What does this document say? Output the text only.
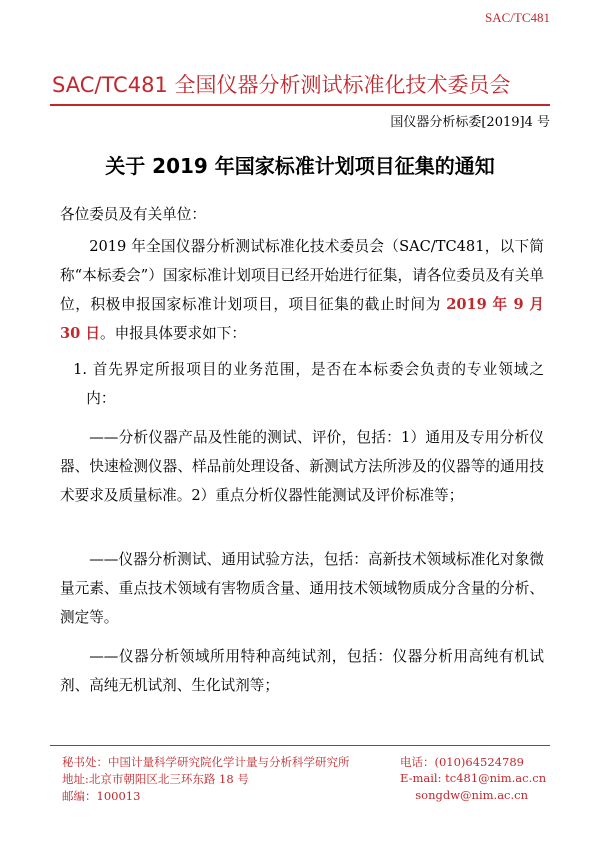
SAC/TC481
SAC/TC481 全国仪器分析测试标准化技术委员会
国仪器分析标委[2019]4 号
关于 2019 年国家标准计划项目征集的通知

各位委员及有关单位：

2019 年全国仪器分析测试标准化技术委员会（SAC/TC481，以下简称“本标委会”）国家标准计划项目已经开始进行征集，请各位委员及有关单位，积极申报国家标准计划项目，项目征集的截止时间为 2019 年 9 月 30 日。申报具体要求如下：

1. 首先界定所报项目的业务范围，是否在本标委会负责的专业领域之内：

——分析仪器产品及性能的测试、评价，包括：1）通用及专用分析仪器、快速检测仪器、样品前处理设备、新测试方法所涉及的仪器等的通用技术要求及质量标准。2）重点分析仪器性能测试及评价标准等；

——仪器分析测试、通用试验方法，包括：高新技术领域标准化对象微量元素、重点技术领域有害物质含量、通用技术领域物质成分含量的分析、测定等。

——仪器分析领域所用特种高纯试剂，包括：仪器分析用高纯有机试剂、高纯无机试剂、生化试剂等；

秘书处：中国计量科学研究院化学计量与分析科学研究所
地址:北京市朝阳区北三环东路 18 号
邮编：100013
电话：(010)64524789
E-mail: tc481@nim.ac.cn
songdw@nim.ac.cn
